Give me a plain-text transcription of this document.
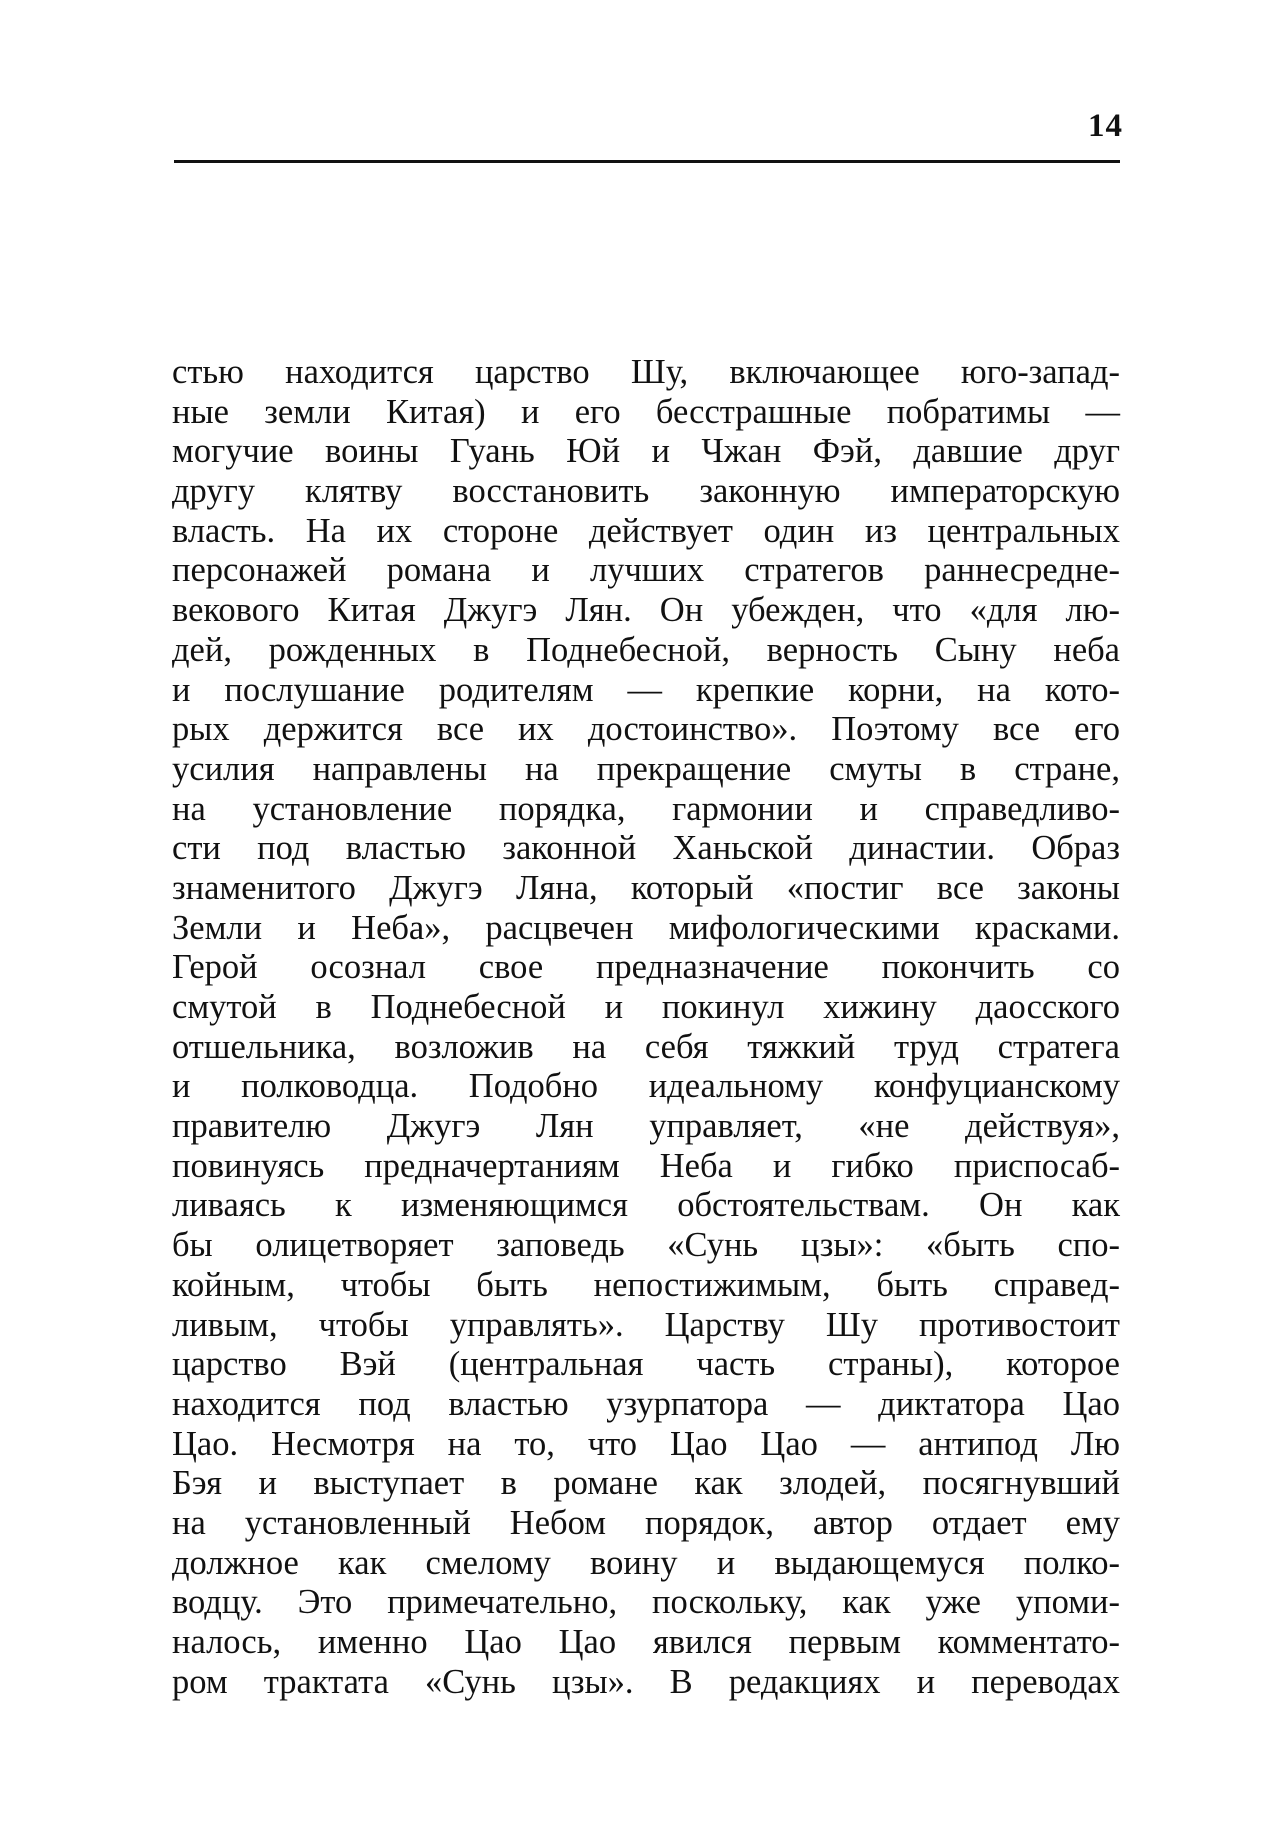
14
стью находится царство Шу, включающее юго-запад-
ные земли Китая) и его бесстрашные побратимы —
могучие воины Гуань Юй и Чжан Фэй, давшие друг
другу клятву восстановить законную императорскую
власть. На их стороне действует один из центральных
персонажей романа и лучших стратегов раннесредне-
векового Китая Джугэ Лян. Он убежден, что «для лю-
дей, рожденных в Поднебесной, верность Сыну неба
и послушание родителям — крепкие корни, на кото-
рых держится все их достоинство». Поэтому все его
усилия направлены на прекращение смуты в стране,
на установление порядка, гармонии и справедливо-
сти под властью законной Ханьской династии. Образ
знаменитого Джугэ Ляна, который «постиг все законы
Земли и Неба», расцвечен мифологическими красками.
Герой осознал свое предназначение покончить со
смутой в Поднебесной и покинул хижину даосского
отшельника, возложив на себя тяжкий труд стратега
и полководца. Подобно идеальному конфуцианскому
правителю Джугэ Лян управляет, «не действуя»,
повинуясь предначертаниям Неба и гибко приспосаб-
ливаясь к изменяющимся обстоятельствам. Он как
бы олицетворяет заповедь «Сунь цзы»: «быть спо-
койным, чтобы быть непостижимым, быть справед-
ливым, чтобы управлять». Царству Шу противостоит
царство Вэй (центральная часть страны), которое
находится под властью узурпатора — диктатора Цао
Цао. Несмотря на то, что Цао Цао — антипод Лю
Бэя и выступает в романе как злодей, посягнувший
на установленный Небом порядок, автор отдает ему
должное как смелому воину и выдающемуся полко-
водцу. Это примечательно, поскольку, как уже упоми-
налось, именно Цао Цао явился первым комментато-
ром трактата «Сунь цзы». В редакциях и переводах
